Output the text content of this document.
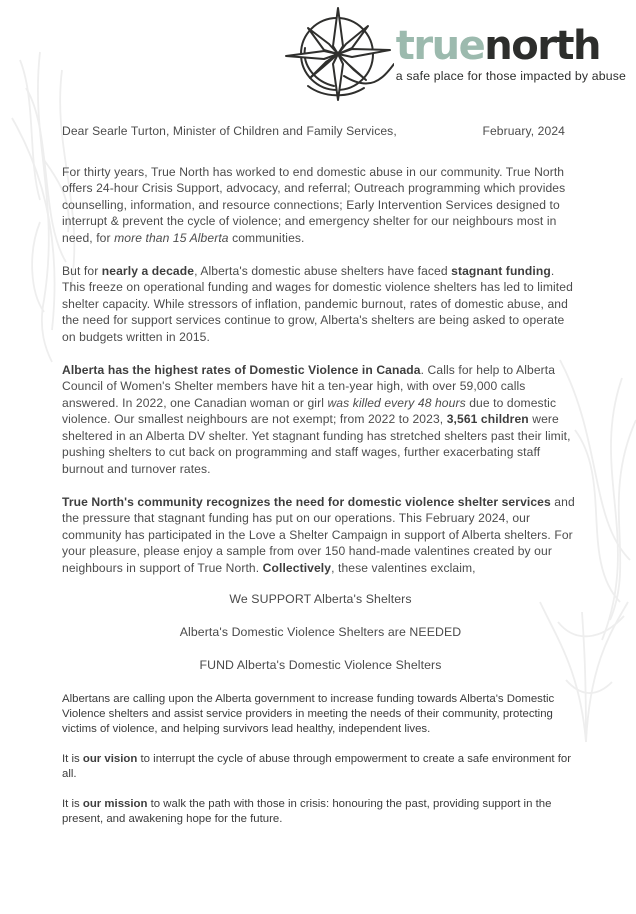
truenorth
a safe place for those impacted by abuse
Dear Searle Turton, Minister of Children and Family Services,	February, 2024

For thirty years, True North has worked to end domestic abuse in our community. True North offers 24-hour Crisis Support, advocacy, and referral; Outreach programming which provides counselling, information, and resource connections; Early Intervention Services designed to interrupt & prevent the cycle of violence; and emergency shelter for our neighbours most in need, for more than 15 Alberta communities.

But for nearly a decade, Alberta's domestic abuse shelters have faced stagnant funding. This freeze on operational funding and wages for domestic violence shelters has led to limited shelter capacity. While stressors of inflation, pandemic burnout, rates of domestic abuse, and the need for support services continue to grow, Alberta's shelters are being asked to operate on budgets written in 2015.

Alberta has the highest rates of Domestic Violence in Canada. Calls for help to Alberta Council of Women's Shelter members have hit a ten-year high, with over 59,000 calls answered. In 2022, one Canadian woman or girl was killed every 48 hours due to domestic violence. Our smallest neighbours are not exempt; from 2022 to 2023, 3,561 children were sheltered in an Alberta DV shelter. Yet stagnant funding has stretched shelters past their limit, pushing shelters to cut back on programming and staff wages, further exacerbating staff burnout and turnover rates.

True North's community recognizes the need for domestic violence shelter services and the pressure that stagnant funding has put on our operations. This February 2024, our community has participated in the Love a Shelter Campaign in support of Alberta shelters. For your pleasure, please enjoy a sample from over 150 hand-made valentines created by our neighbours in support of True North. Collectively, these valentines exclaim,

We SUPPORT Alberta's Shelters
Alberta's Domestic Violence Shelters are NEEDED
FUND Alberta's Domestic Violence Shelters

Albertans are calling upon the Alberta government to increase funding towards Alberta's Domestic Violence shelters and assist service providers in meeting the needs of their community, protecting victims of violence, and helping survivors lead healthy, independent lives.

It is our vision to interrupt the cycle of abuse through empowerment to create a safe environment for all.

It is our mission to walk the path with those in crisis: honouring the past, providing support in the present, and awakening hope for the future.
